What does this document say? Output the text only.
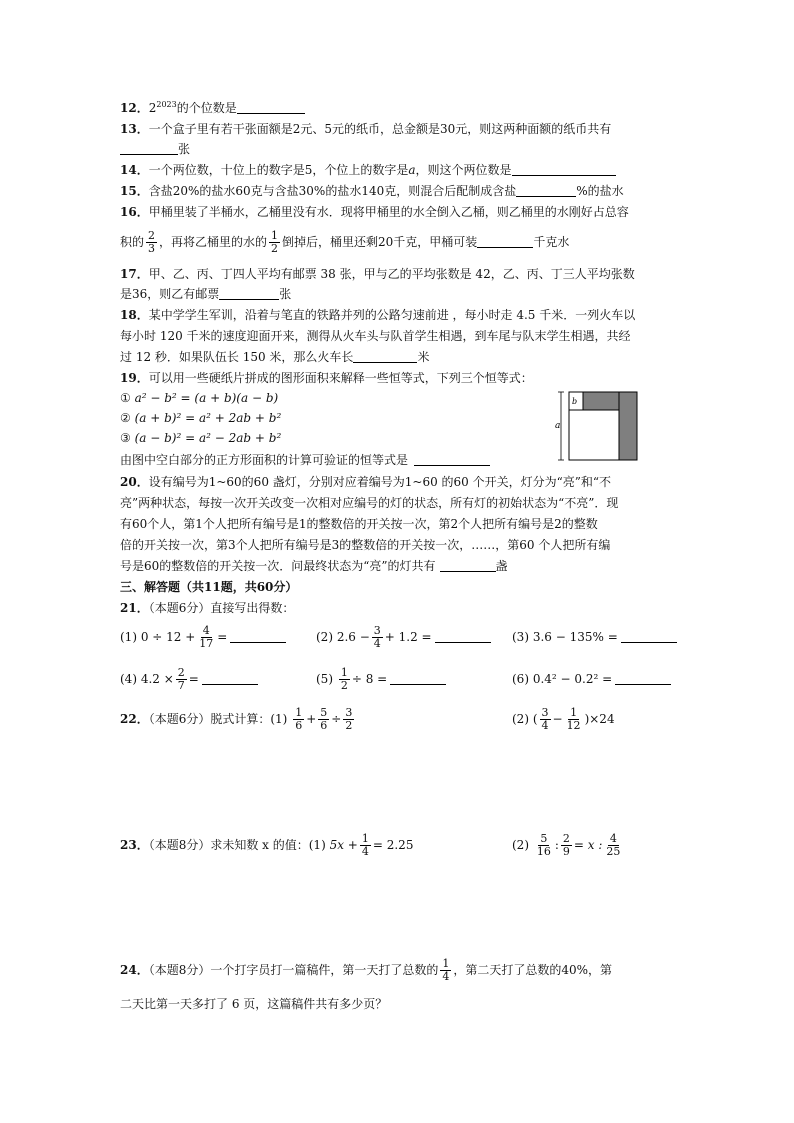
12．$2^{2023}$的个位数是
13．一个盒子里有若干张面额是2元、5元的纸币，总金额是30元，则这两种面额的纸币共有
张
14．一个两位数，十位上的数字是5，个位上的数字是a，则这个两位数是
15．含盐20%的盐水60克与含盐30%的盐水140克，则混合后配制成含盐	%的盐水
16．甲桶里装了半桶水，乙桶里没有水．现将甲桶里的水全倒入乙桶，则乙桶里的水刚好占总容
积的 $\frac{2}{3}$ ，再将乙桶里的水的 $\frac{1}{2}$ 倒掉后，桶里还剩20千克，甲桶可装	千克水
17．甲、乙、丙、丁四人平均有邮票 38 张，甲与乙的平均张数是 42，乙、丙、丁三人平均张数
是36，则乙有邮票	张
18．某中学学生军训，沿着与笔直的铁路并列的公路匀速前进 ，每小时走 4.5 千米．一列火车以
每小时 120 千米的速度迎面开来，测得从火车头与队首学生相遇，到车尾与队末学生相遇，共经
过 12 秒．如果队伍长 150 米，那么火车长	米
19．可以用一些硬纸片拼成的图形面积来解释一些恒等式，下列三个恒等式：
① a² − b² = (a + b)(a − b)
② (a + b)² = a² + 2ab + b²
③ (a − b)² = a² − 2ab + b²
由图中空白部分的正方形面积的计算可验证的恒等式是
a
b
20．设有编号为1~60的60 盏灯，分别对应着编号为1~60 的60 个开关，灯分为“亮”和“不
亮”两种状态，每按一次开关改变一次相对应编号的灯的状态，所有灯的初始状态为“不亮”．现
有60个人，第1个人把所有编号是1的整数倍的开关按一次，第2个人把所有编号是2的整数
倍的开关按一次，第3个人把所有编号是3的整数倍的开关按一次，……，第60 个人把所有编
号是60的整数倍的开关按一次．问最终状态为“亮”的灯共有	盏
三、解答题（共11题，共60分）
21．（本题6分）直接写出得数：
(1) $0 \div 12 + \frac{4}{17}$ =	(2) $2.6 - \frac{3}{4} + 1.2$ =	(3) 3.6 − 135% =
(4) $4.2 \times \frac{2}{7}$ =	$(5) \frac{1}{2} \div 8$ =	(6) 0.4² − 0.2² =
22．（本题6分）脱式计算：$(1) \frac{1}{6} + \frac{5}{6} \div \frac{3}{2}$	(2) ( $\frac{3}{4} - \frac{1}{12} )\times 24$
23．（本题8分）求未知数 x 的值：(1) $5x + \frac{1}{4} = 2.25$	$(2) \frac{5}{16}$ : $\frac{2}{9} = x$ : $\frac{4}{25}$
24．（本题8分）一个打字员打一篇稿件，第一天打了总数的 $\frac{1}{4}$ ，第二天打了总数的40%，第
二天比第一天多打了 6 页，这篇稿件共有多少页？
